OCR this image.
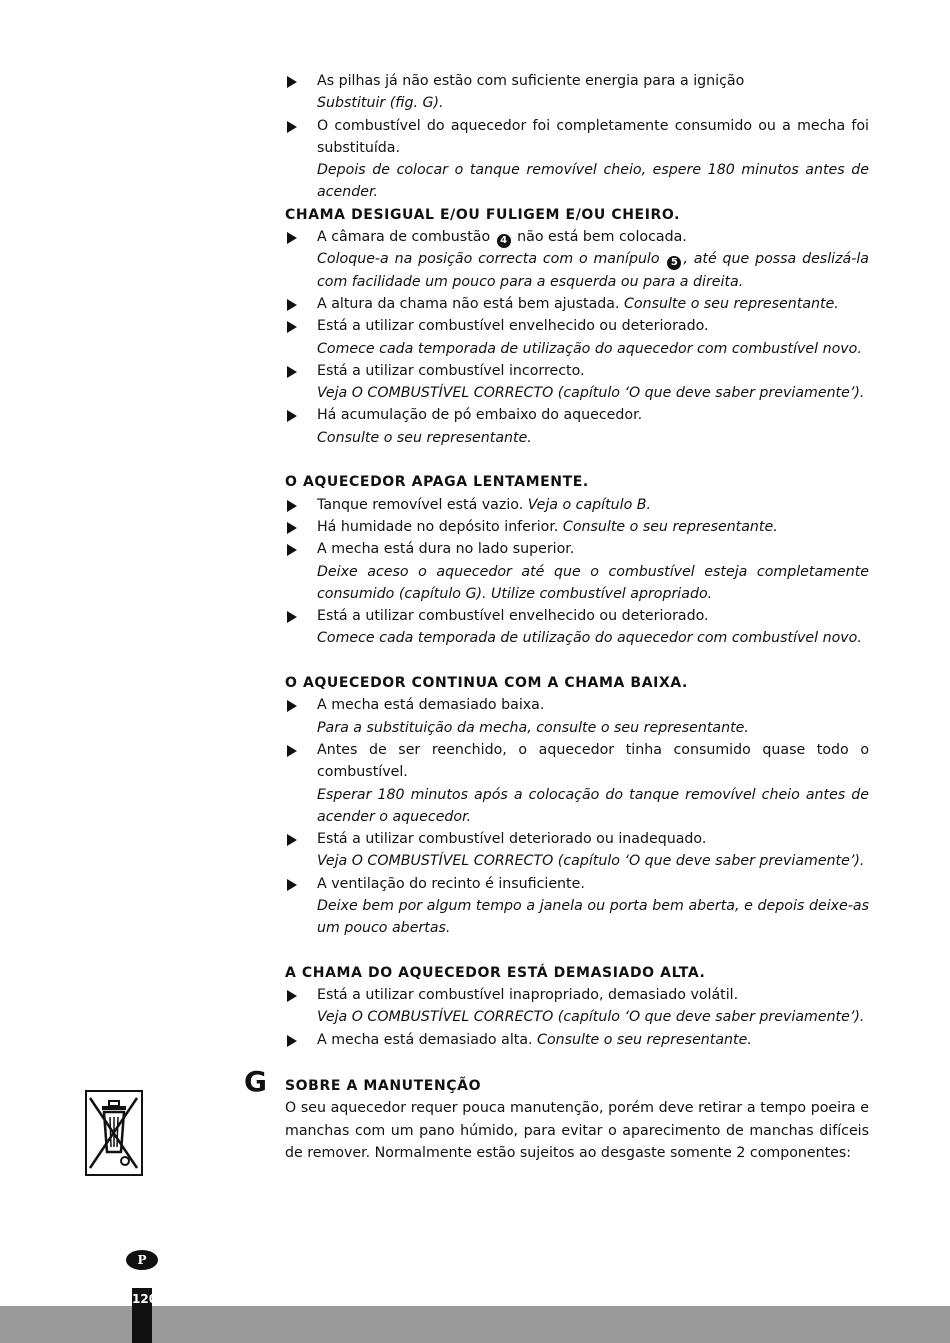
As pilhas já não estão com suficiente energia para a ignição

Substituir (fig. G).

O combustível do aquecedor foi completamente consumido ou a mecha foi substituída.

Depois de colocar o tanque removível cheio, espere 180 minutos antes de acender.

CHAMA DESIGUAL E/OU FULIGEM E/OU CHEIRO.

A câmara de combustão 4 não está bem colocada.

Coloque-a na posição correcta com o manípulo 5 , até que possa deslizá-la com facilidade um pouco para a esquerda ou para a direita.

A altura da chama não está bem ajustada. Consulte o seu representante.

Está a utilizar combustível envelhecido ou deteriorado.

Comece cada temporada de utilização do aquecedor com combustível novo.

Está a utilizar combustível incorrecto.

Veja O COMBUSTÍVEL CORRECTO (capítulo ‘O que deve saber previamente’).

Há acumulação de pó embaixo do aquecedor.

Consulte o seu representante.

O AQUECEDOR APAGA LENTAMENTE.

Tanque removível está vazio. Veja o capítulo B.

Há humidade no depósito inferior. Consulte o seu representante.

A mecha está dura no lado superior.

Deixe aceso o aquecedor até que o combustível esteja completamente consumido (capítulo G). Utilize combustível apropriado.

Está a utilizar combustível envelhecido ou deteriorado.

Comece cada temporada de utilização do aquecedor com combustível novo.

O AQUECEDOR CONTINUA COM A CHAMA BAIXA.

A mecha está demasiado baixa.

Para a substituição da mecha, consulte o seu representante.

Antes de ser reenchido, o aquecedor tinha consumido quase todo o combustível.

Esperar 180 minutos após a colocação do tanque removível cheio antes de acender o aquecedor.

Está a utilizar combustível deteriorado ou inadequado.

Veja O COMBUSTÍVEL CORRECTO (capítulo ‘O que deve saber previamente’).

A ventilação do recinto é insuficiente.

Deixe bem por algum tempo a janela ou porta bem aberta, e depois deixe-as um pouco abertas.

A CHAMA DO AQUECEDOR ESTÁ DEMASIADO ALTA.

Está a utilizar combustível inapropriado, demasiado volátil.

Veja O COMBUSTÍVEL CORRECTO (capítulo ‘O que deve saber previamente’).

A mecha está demasiado alta. Consulte o seu representante.

G SOBRE A MANUTENÇÃO

O seu aquecedor requer pouca manutenção, porém deve retirar a tempo poeira e manchas com um pano húmido, para evitar o aparecimento de manchas difíceis de remover. Normalmente estão sujeitos ao desgaste somente 2 componentes:

P
120
